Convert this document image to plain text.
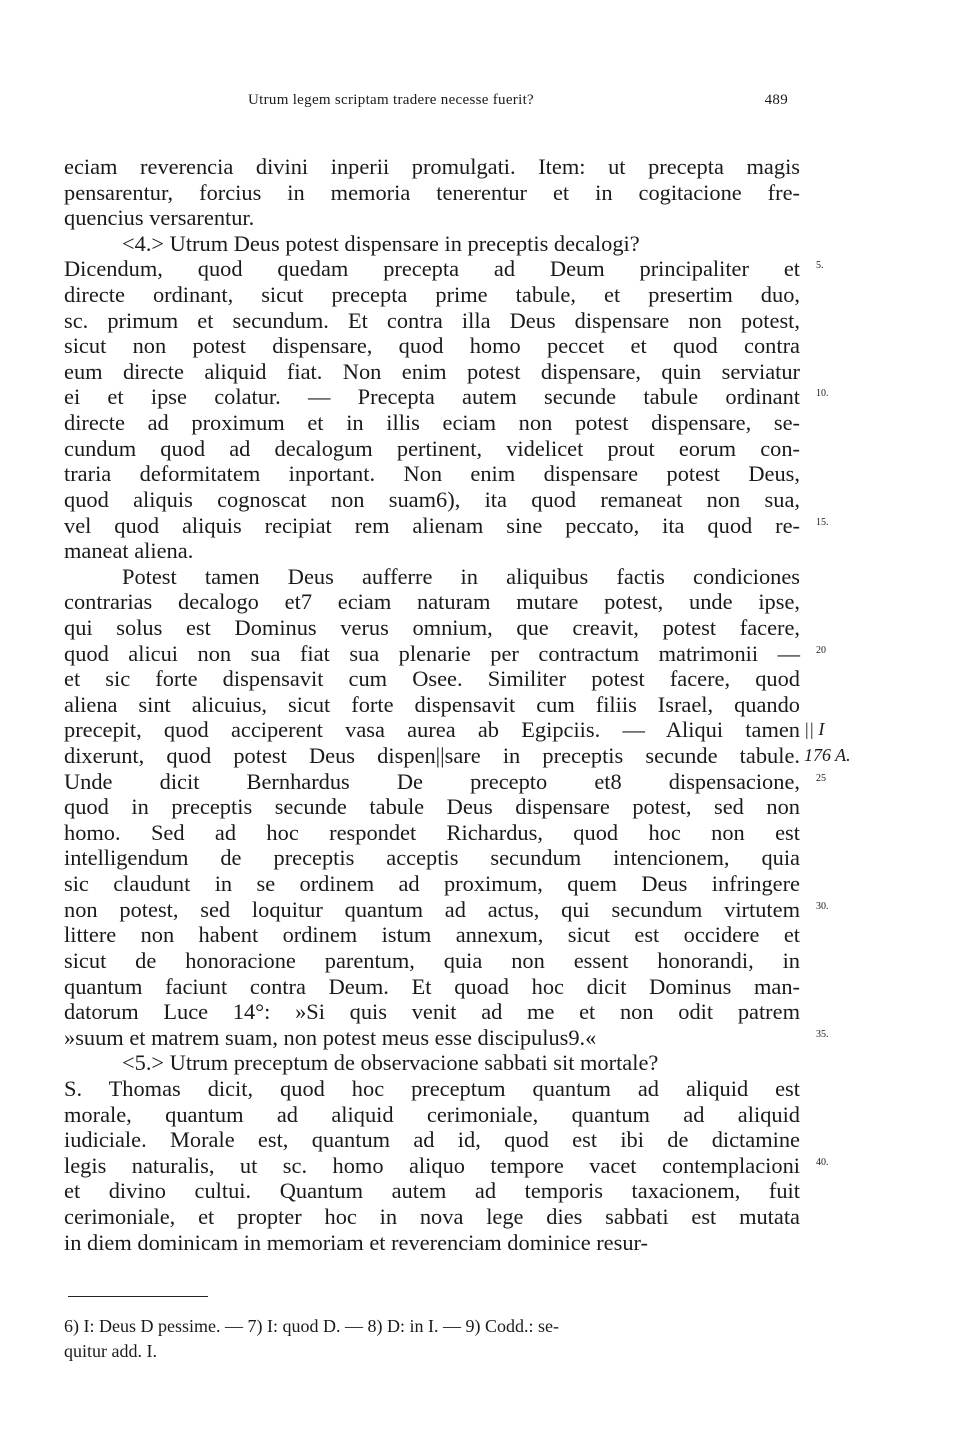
Utrum legem scriptam tradere necesse fuerit?	489
eciam reverencia divini inperii promulgati. Item: ut precepta magis
pensarentur, forcius in memoria tenerentur et in cogitacione fre-
quencius versarentur.
<4.> Utrum Deus potest dispensare in preceptis decalogi?
Dicendum, quod quedam precepta ad Deum principaliter et 5.
directe ordinant, sicut precepta prime tabule, et presertim duo,
sc. primum et secundum. Et contra illa Deus dispensare non potest,
sicut non potest dispensare, quod homo peccet et quod contra
eum directe aliquid fiat. Non enim potest dispensare, quin serviatur
ei et ipse colatur. — Precepta autem secunde tabule ordinant 10.
directe ad proximum et in illis eciam non potest dispensare, se-
cundum quod ad decalogum pertinent, videlicet prout eorum con-
traria deformitatem inportant. Non enim dispensare potest Deus,
quod aliquis cognoscat non suam6), ita quod remaneat non sua,
vel quod aliquis recipiat rem alienam sine peccato, ita quod re- 15.
maneat aliena.
Potest tamen Deus aufferre in aliquibus factis condiciones
contrarias decalogo et7 eciam naturam mutare potest, unde ipse,
qui solus est Dominus verus omnium, que creavit, potest facere,
quod alicui non sua fiat sua plenarie per contractum matrimonii — 20
et sic forte dispensavit cum Osee. Similiter potest facere, quod
aliena sint alicuius, sicut forte dispensavit cum filiis Israel, quando
precepit, quod acciperent vasa aurea ab Egipciis. — Aliqui tamen || I
dixerunt, quod potest Deus dispen||sare in preceptis secunde tabule. 176 A.
Unde dicit Bernhardus De precepto et8 dispensacione, 25
quod in preceptis secunde tabule Deus dispensare potest, sed non
homo. Sed ad hoc respondet Richardus, quod hoc non est
intelligendum de preceptis acceptis secundum intencionem, quia
sic claudunt in se ordinem ad proximum, quem Deus infringere
non potest, sed loquitur quantum ad actus, qui secundum virtutem 30.
littere non habent ordinem istum annexum, sicut est occidere et
sicut de honoracione parentum, quia non essent honorandi, in
quantum faciunt contra Deum. Et quoad hoc dicit Dominus man-
datorum Luce 14°: »Si quis venit ad me et non odit patrem
»suum et matrem suam, non potest meus esse discipulus9.«	35.
<5.> Utrum preceptum de observacione sabbati sit mortale?
S. Thomas dicit, quod hoc preceptum quantum ad aliquid est
morale, quantum ad aliquid cerimoniale, quantum ad aliquid
iudiciale. Morale est, quantum ad id, quod est ibi de dictamine
legis naturalis, ut sc. homo aliquo tempore vacet contemplacioni 40.
et divino cultui. Quantum autem ad temporis taxacionem, fuit
cerimoniale, et propter hoc in nova lege dies sabbati est mutata
in diem dominicam in memoriam et reverenciam dominice resur-
6) I: Deus D pessime. — 7) I: quod D. — 8) D: in I. — 9) Codd.: se-
quitur add. I.
